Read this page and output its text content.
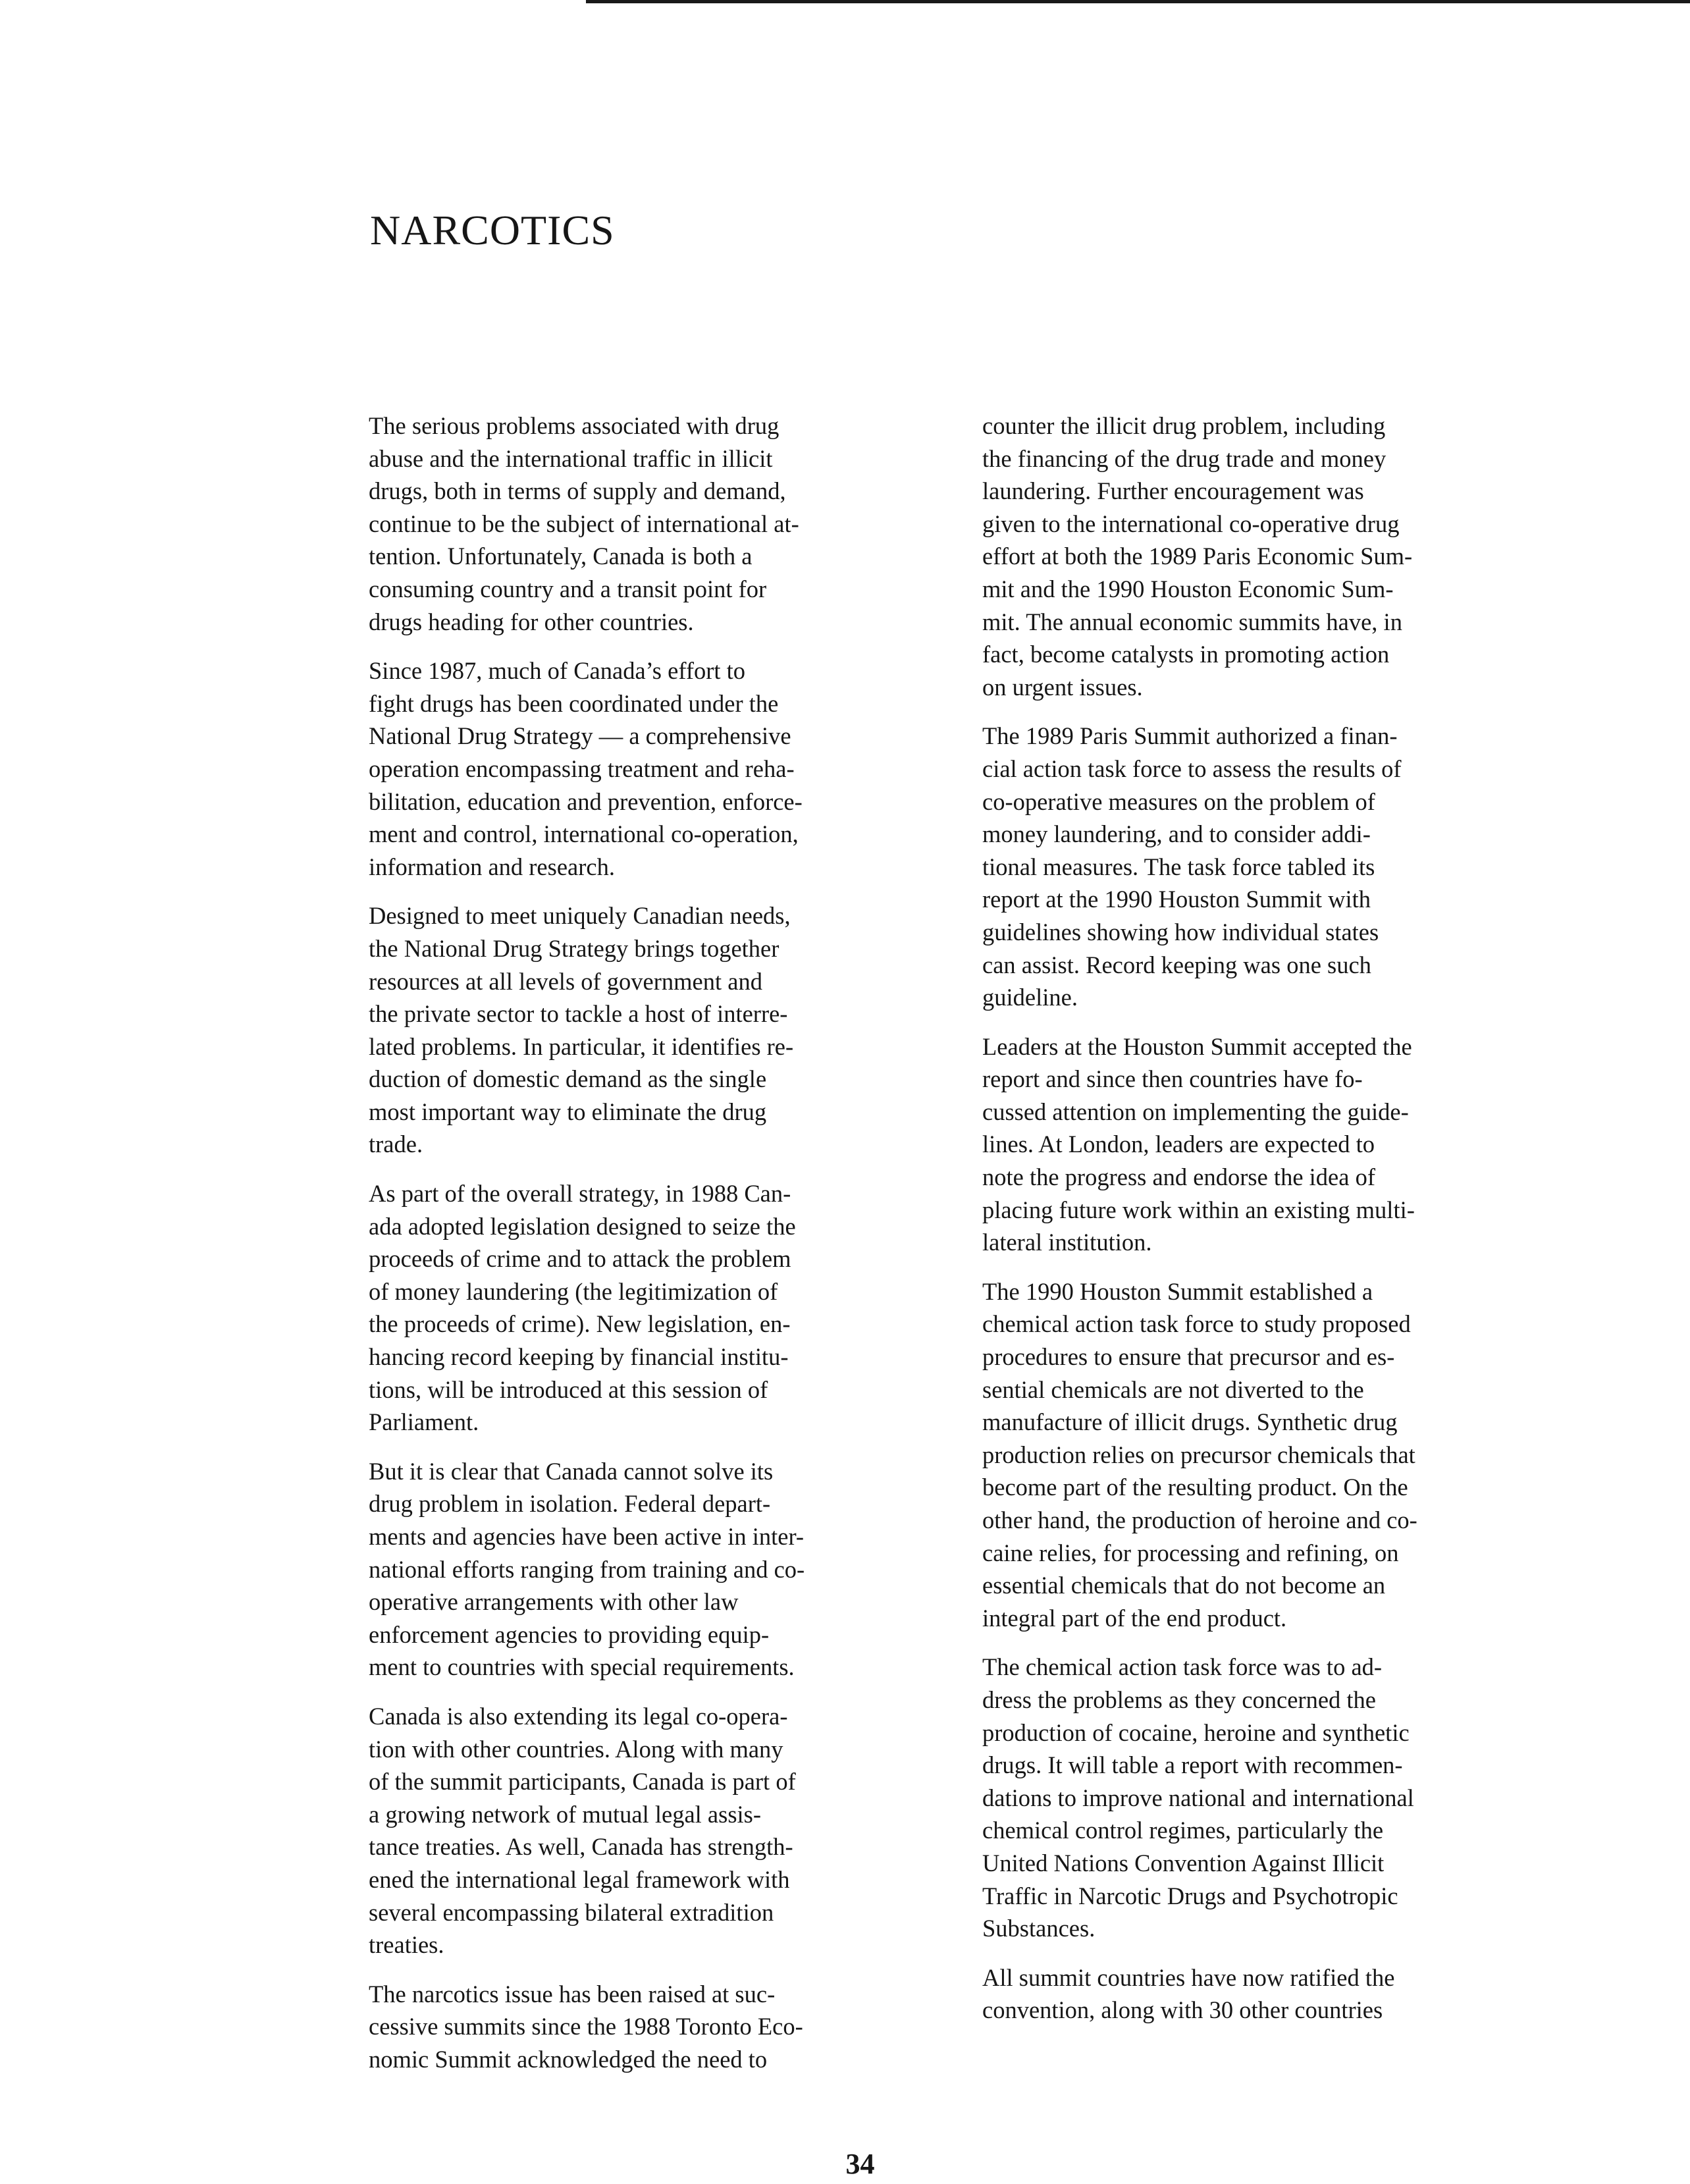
NARCOTICS

The serious problems associated with drug
abuse and the international traffic in illicit
drugs, both in terms of supply and demand,
continue to be the subject of international at-
tention. Unfortunately, Canada is both a
consuming country and a transit point for
drugs heading for other countries.

Since 1987, much of Canada’s effort to
fight drugs has been coordinated under the
National Drug Strategy — a comprehensive
operation encompassing treatment and reha-
bilitation, education and prevention, enforce-
ment and control, international co-operation,
information and research.

Designed to meet uniquely Canadian needs,
the National Drug Strategy brings together
resources at all levels of government and
the private sector to tackle a host of interre-
lated problems. In particular, it identifies re-
duction of domestic demand as the single
most important way to eliminate the drug
trade.

As part of the overall strategy, in 1988 Can-
ada adopted legislation designed to seize the
proceeds of crime and to attack the problem
of money laundering (the legitimization of
the proceeds of crime). New legislation, en-
hancing record keeping by financial institu-
tions, will be introduced at this session of
Parliament.

But it is clear that Canada cannot solve its
drug problem in isolation. Federal depart-
ments and agencies have been active in inter-
national efforts ranging from training and co-
operative arrangements with other law
enforcement agencies to providing equip-
ment to countries with special requirements.

Canada is also extending its legal co-opera-
tion with other countries. Along with many
of the summit participants, Canada is part of
a growing network of mutual legal assis-
tance treaties. As well, Canada has strength-
ened the international legal framework with
several encompassing bilateral extradition
treaties.

The narcotics issue has been raised at suc-
cessive summits since the 1988 Toronto Eco-
nomic Summit acknowledged the need to

counter the illicit drug problem, including
the financing of the drug trade and money
laundering. Further encouragement was
given to the international co-operative drug
effort at both the 1989 Paris Economic Sum-
mit and the 1990 Houston Economic Sum-
mit. The annual economic summits have, in
fact, become catalysts in promoting action
on urgent issues.

The 1989 Paris Summit authorized a finan-
cial action task force to assess the results of
co-operative measures on the problem of
money laundering, and to consider addi-
tional measures. The task force tabled its
report at the 1990 Houston Summit with
guidelines showing how individual states
can assist. Record keeping was one such
guideline.

Leaders at the Houston Summit accepted the
report and since then countries have fo-
cussed attention on implementing the guide-
lines. At London, leaders are expected to
note the progress and endorse the idea of
placing future work within an existing multi-
lateral institution.

The 1990 Houston Summit established a
chemical action task force to study proposed
procedures to ensure that precursor and es-
sential chemicals are not diverted to the
manufacture of illicit drugs. Synthetic drug
production relies on precursor chemicals that
become part of the resulting product. On the
other hand, the production of heroine and co-
caine relies, for processing and refining, on
essential chemicals that do not become an
integral part of the end product.

The chemical action task force was to ad-
dress the problems as they concerned the
production of cocaine, heroine and synthetic
drugs. It will table a report with recommen-
dations to improve national and international
chemical control regimes, particularly the
United Nations Convention Against Illicit
Traffic in Narcotic Drugs and Psychotropic
Substances.

All summit countries have now ratified the
convention, along with 30 other countries

34
